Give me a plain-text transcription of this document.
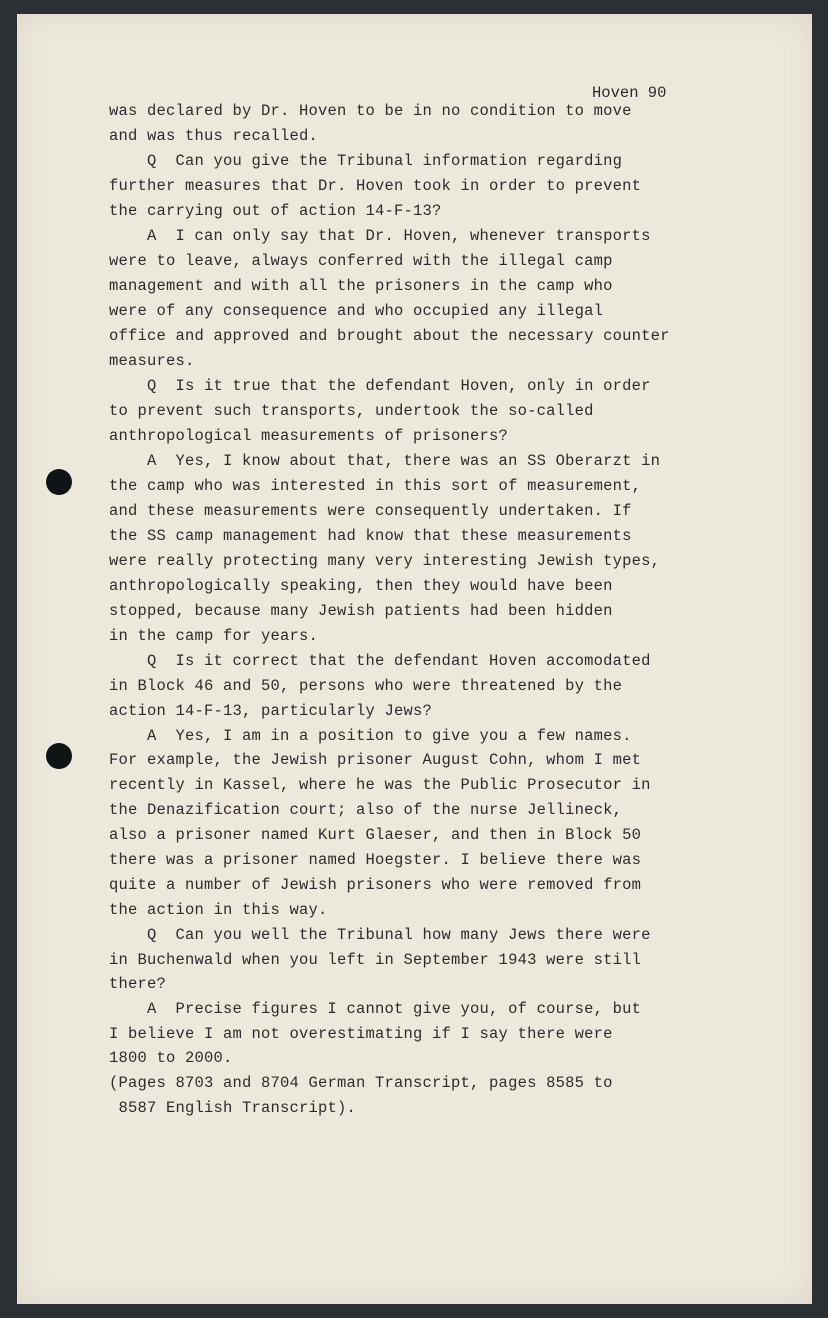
Hoven 90
was declared by Dr. Hoven to be in no condition to move
and was thus recalled.
Q  Can you give the Tribunal information regarding
further measures that Dr. Hoven took in order to prevent
the carrying out of action 14-F-13?
A  I can only say that Dr. Hoven, whenever transports
were to leave, always conferred with the illegal camp
management and with all the prisoners in the camp who
were of any consequence and who occupied any illegal
office and approved and brought about the necessary counter
measures.
Q  Is it true that the defendant Hoven, only in order
to prevent such transports, undertook the so-called
anthropological measurements of prisoners?
A  Yes, I know about that, there was an SS Oberarzt in
the camp who was interested in this sort of measurement,
and these measurements were consequently undertaken. If
the SS camp management had know that these measurements
were really protecting many very interesting Jewish types,
anthropologically speaking, then they would have been
stopped, because many Jewish patients had been hidden
in the camp for years.
Q  Is it correct that the defendant Hoven accomodated
in Block 46 and 50, persons who were threatened by the
action 14-F-13, particularly Jews?
A  Yes, I am in a position to give you a few names.
For example, the Jewish prisoner August Cohn, whom I met
recently in Kassel, where he was the Public Prosecutor in
the Denazification court; also of the nurse Jellineck,
also a prisoner named Kurt Glaeser, and then in Block 50
there was a prisoner named Hoegster. I believe there was
quite a number of Jewish prisoners who were removed from
the action in this way.
Q  Can you well the Tribunal how many Jews there were
in Buchenwald when you left in September 1943 were still
there?
A  Precise figures I cannot give you, of course, but
I believe I am not overestimating if I say there were
1800 to 2000.
(Pages 8703 and 8704 German Transcript, pages 8585 to
8587 English Transcript).
